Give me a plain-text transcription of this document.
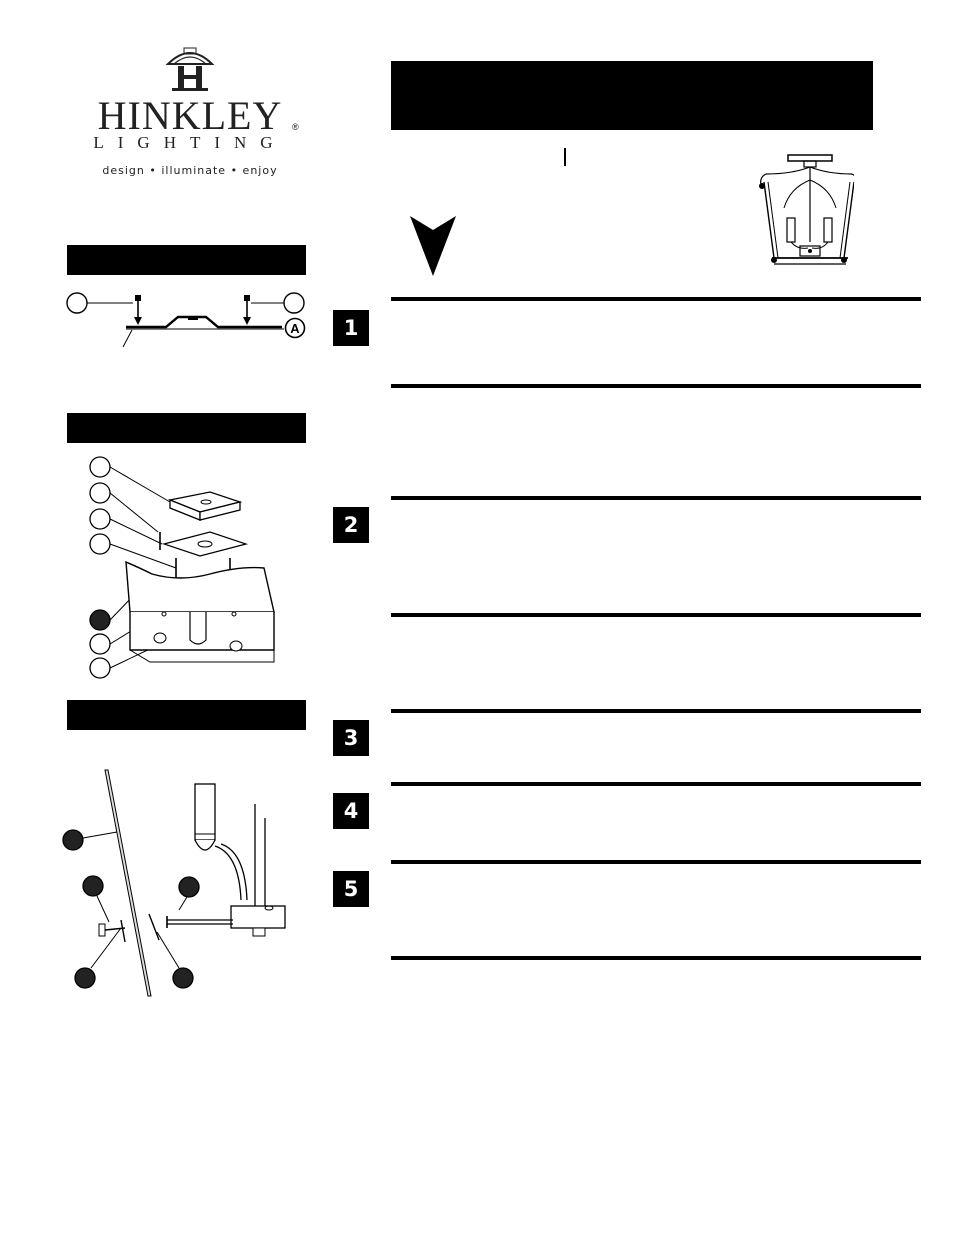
HINKLEY	®
LIGHTING
design • illuminate • enjoy
A	1
2
3
4
5
